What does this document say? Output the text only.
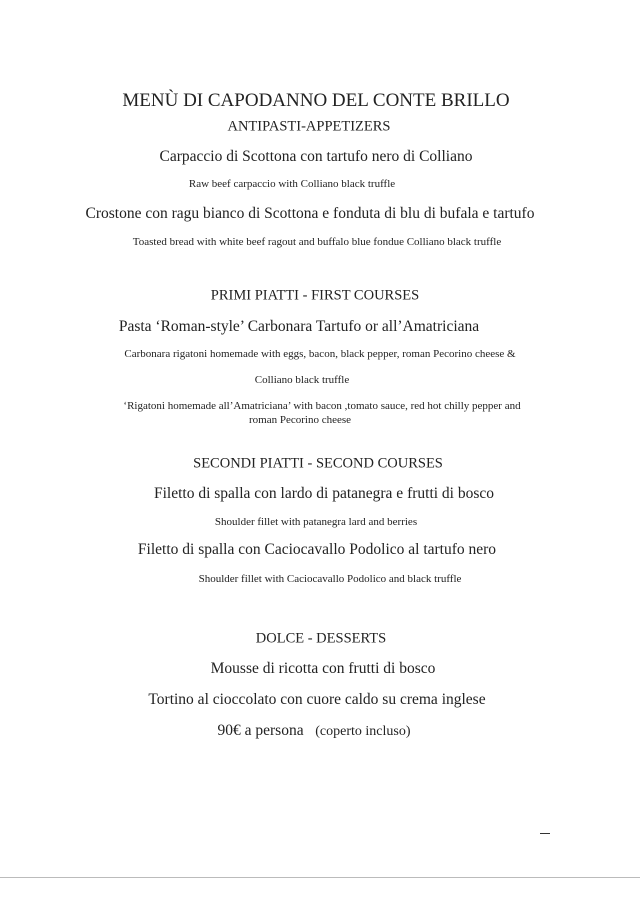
MENÙ DI CAPODANNO DEL CONTE BRILLO
ANTIPASTI-APPETIZERS
Carpaccio di Scottona con tartufo nero di Colliano
Raw beef carpaccio with Colliano black truffle
Crostone con ragu bianco di Scottona e fonduta di blu di bufala e tartufo
Toasted bread with white beef ragout and buffalo blue fondue Colliano black truffle
PRIMI PIATTI - FIRST COURSES
Pasta ‘Roman-style’ Carbonara Tartufo or all’Amatriciana
Carbonara rigatoni homemade with eggs, bacon, black pepper, roman Pecorino cheese &
Colliano black truffle
‘Rigatoni homemade all’Amatriciana’ with bacon ,tomato sauce, red hot chilly pepper and
roman Pecorino cheese
SECONDI PIATTI - SECOND COURSES
Filetto di spalla con lardo di patanegra e frutti di bosco
Shoulder fillet with patanegra lard and berries
Filetto di spalla con Caciocavallo Podolico al tartufo nero
Shoulder fillet with Caciocavallo Podolico and black truffle
DOLCE - DESSERTS
Mousse di ricotta con frutti di bosco
Tortino al cioccolato con cuore caldo su crema inglese
90€ a persona (coperto incluso)
